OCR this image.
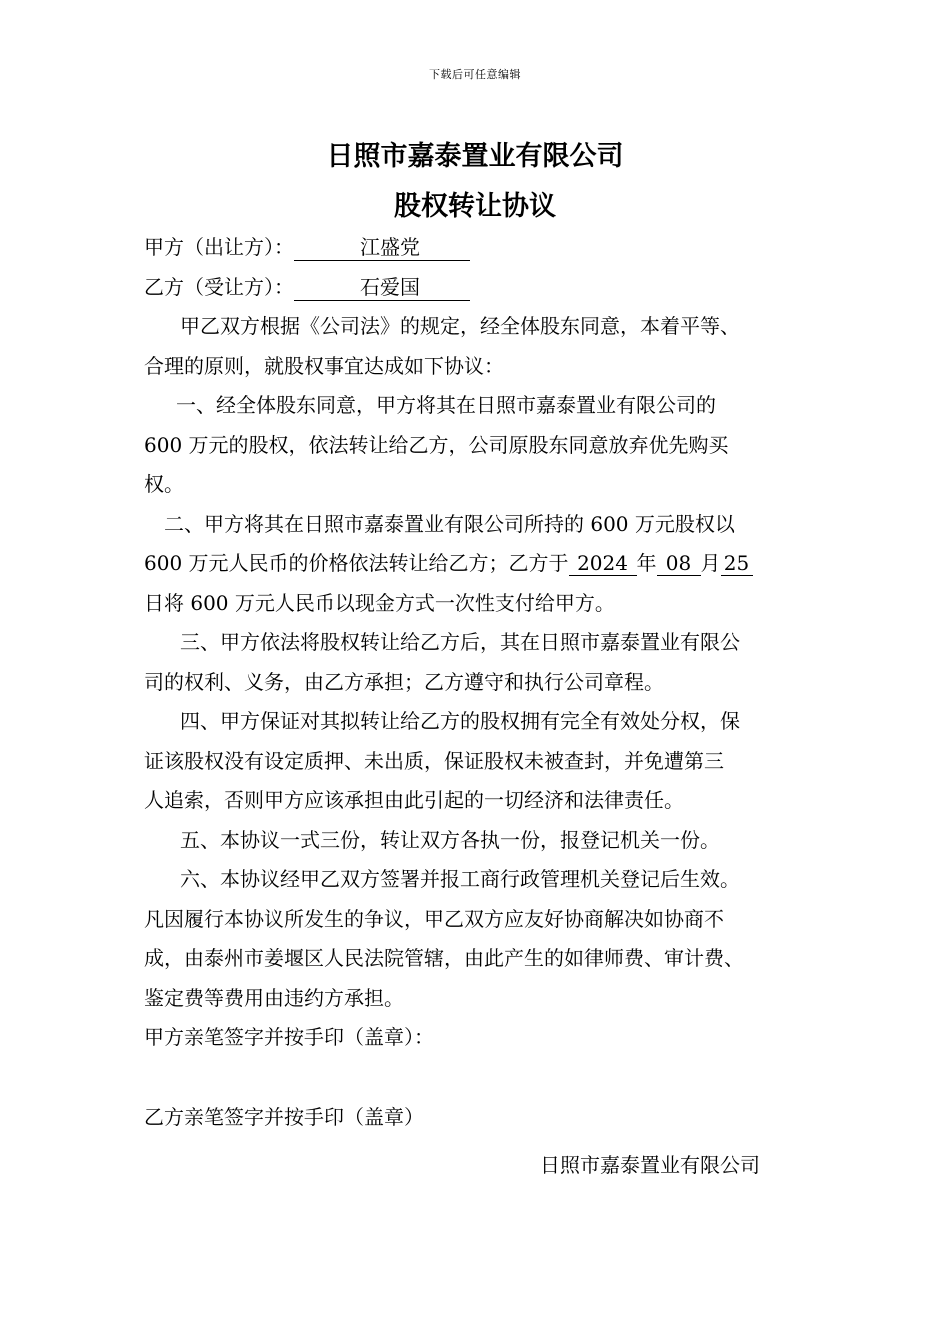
下载后可任意编辑
日照市嘉泰置业有限公司
股权转让协议
甲方（出让方）：	江盛党
乙方（受让方）：	石爱国
甲乙双方根据《公司法》的规定，经全体股东同意，本着平等、
合理的原则，就股权事宜达成如下协议：
一、经全体股东同意，甲方将其在日照市嘉泰置业有限公司的
600 万元的股权，依法转让给乙方，公司原股东同意放弃优先购买
权。
二、甲方将其在日照市嘉泰置业有限公司所持的 600 万元股权以
600 万元人民币的价格依法转让给乙方；乙方于 2024 年 08 月 25
日将 600 万元人民币以现金方式一次性支付给甲方。
三、甲方依法将股权转让给乙方后，其在日照市嘉泰置业有限公
司的权利、义务，由乙方承担；乙方遵守和执行公司章程。
四、甲方保证对其拟转让给乙方的股权拥有完全有效处分权，保
证该股权没有设定质押、未出质，保证股权未被查封，并免遭第三
人追索，否则甲方应该承担由此引起的一切经济和法律责任。
五、本协议一式三份，转让双方各执一份，报登记机关一份。
六、本协议经甲乙双方签署并报工商行政管理机关登记后生效。
凡因履行本协议所发生的争议，甲乙双方应友好协商解决如协商不
成，由泰州市姜堰区人民法院管辖，由此产生的如律师费、审计费、
鉴定费等费用由违约方承担。
甲方亲笔签字并按手印（盖章）：
乙方亲笔签字并按手印（盖章）
日照市嘉泰置业有限公司
